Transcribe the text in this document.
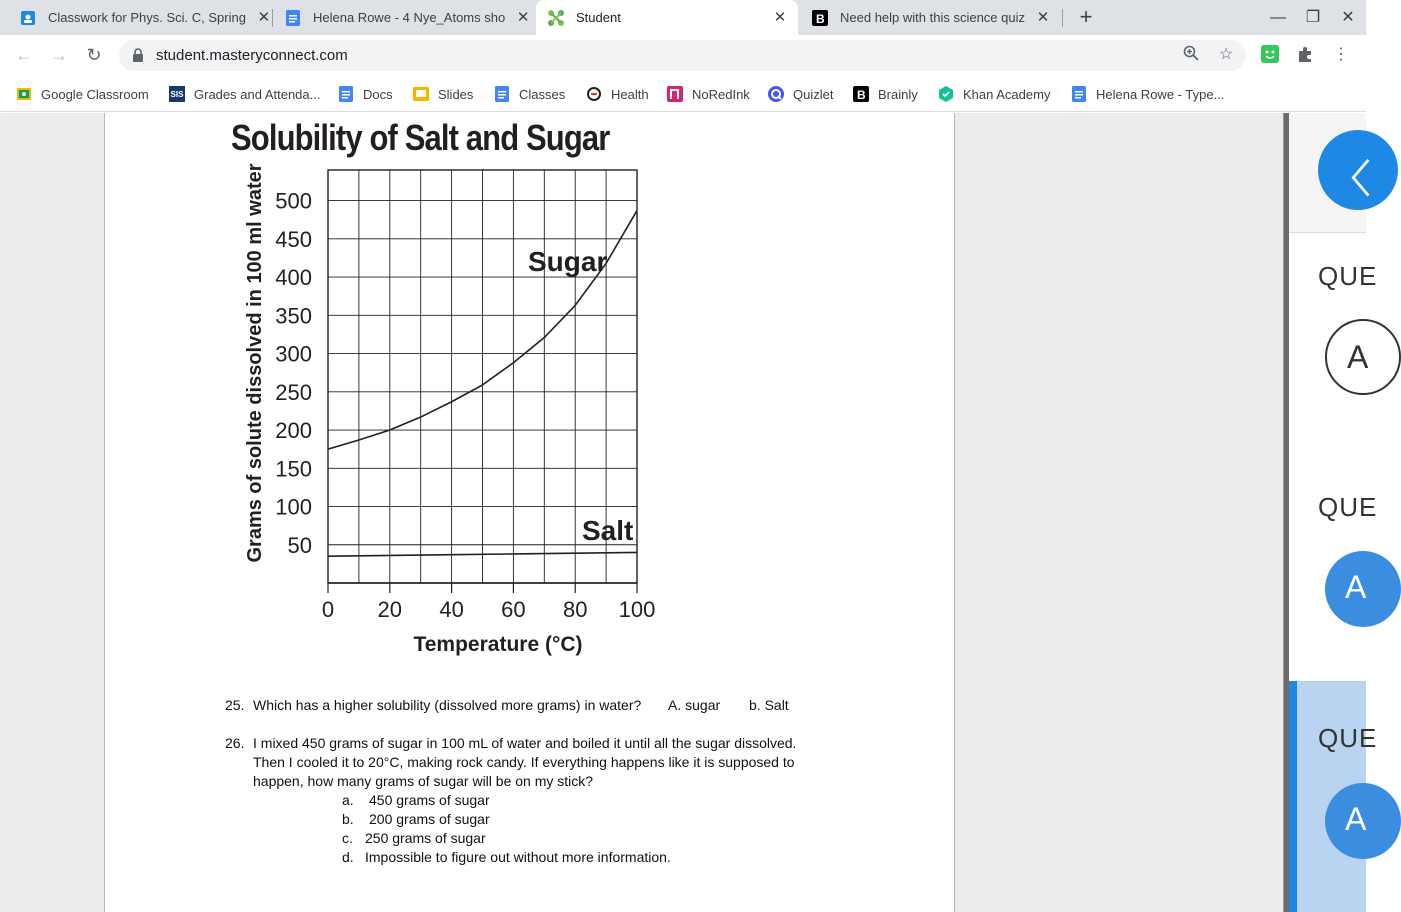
Classwork for Phys. Sci. C, Spring ✕	Helena Rowe - 4 Nye_Atoms sho ✕	Student	✕ B Need help with this science quiz ✕	+	—	❐	✕
← → ↻	student.masteryconnect.com	☆	⋮
Google Classroom	SIS Grades and Attenda...	Docs	Slides	Classes	Health	NoRedInk	Quizlet B Brainly	Khan Academy	Helena Rowe - Type...
Solubility of Salt and Sugar
50
100
150
200
250
300
350
400
450
500
0 20 40 60 80 100
Grams of solute dissolved in 100 ml water
Temperature (°C)
Sugar
Salt
25. Which has a higher solubility (dissolved more grams) in water? A. sugar b. Salt
26. I mixed 450 grams of sugar in 100 mL of water and boiled it until all the sugar dissolved.
Then I cooled it to 20°C, making rock candy. If everything happens like it is supposed to
happen, how many grams of sugar will be on my stick?
a. 450 grams of sugar
b. 200 grams of sugar
c. 250 grams of sugar
d. Impossible to figure out without more information.
〈
QUE
A
QUE
A
QUE
A
